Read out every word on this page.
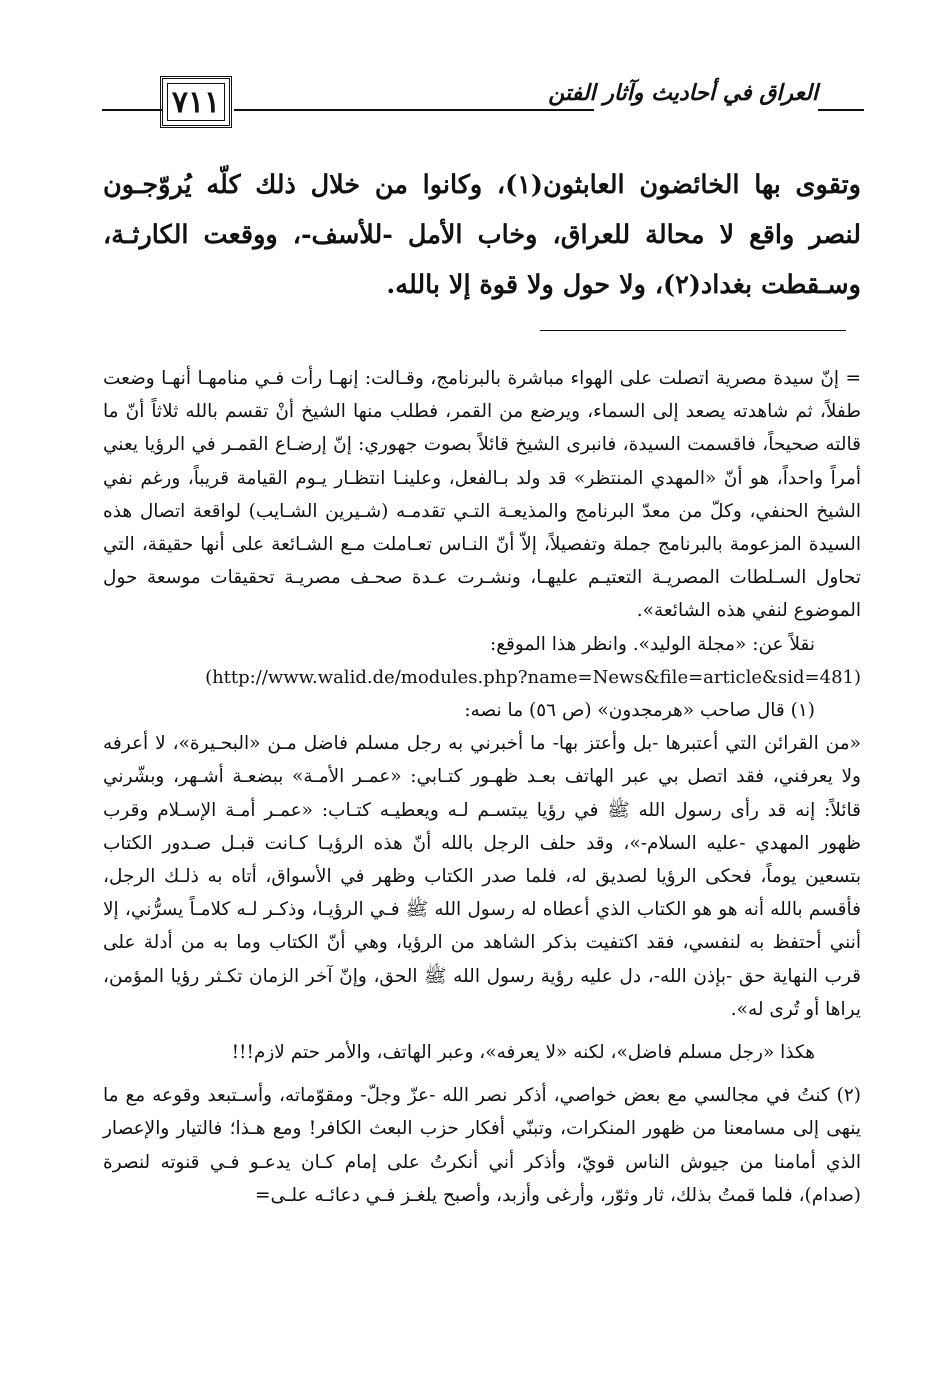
٧١١	العراق في أحاديث وآثار الفتن

وتقوى بها الخائضون العابثون(١)، وكانوا من خلال ذلك كلّه يُروّجـون لنصر واقع لا محالة للعراق، وخاب الأمل -للأسف-، ووقعت الكارثـة، وسـقطت بغداد(٢)، ولا حول ولا قوة إلا بالله.

= إنّ سيدة مصرية اتصلت على الهواء مباشرة بالبرنامج، وقـالت: إنهـا رأت فـي منامهـا أنهـا وضعت طفلاً، ثم شاهدته يصعد إلى السماء، ويرضع من القمر، فطلب منها الشيخ أنْ تقسم بالله ثلاثاً أنّ ما قالته صحيحاً، فاقسمت السيدة، فانبرى الشيخ قائلاً بصوت جهوري: إنّ إرضـاع القمـر في الرؤيا يعني أمراً واحداً، هو أنّ «المهدي المنتظر» قد ولد بـالفعل، وعلينـا انتظـار يـوم القيامة قريباً، ورغم نفي الشيخ الحنفي، وكلّ من معدّ البرنامج والمذيعـة التـي تقدمـه (شـيرين الشـايب) لواقعة اتصال هذه السيدة المزعومة بالبرنامج جملة وتفصيلاً، إلاّ أنّ النـاس تعـاملت مـع الشـائعة على أنها حقيقة، التي تحاول السـلطات المصريـة التعتيـم عليهـا، ونشـرت عـدة صحـف مصريـة تحقيقات موسعة حول الموضوع لنفي هذه الشائعة».

نقلاً عن: «مجلة الوليد». وانظر هذا الموقع:

(http://www.walid.de/modules.php?name=News&file=article&sid=481)

(١) قال صاحب «هرمجدون» (ص ٥٦) ما نصه:

«من القرائن التي أعتبرها -بل وأعتز بها- ما أخبرني به رجل مسلم فاضل مـن «البحـيرة»، لا أعرفه ولا يعرفني، فقد اتصل بي عبر الهاتف بعـد ظهـور كتـابي: «عمـر الأمـة» ببضعـة أشـهر، وبشّرني قائلاً: إنه قد رأى رسول الله ﷺ في رؤيا يبتسـم لـه ويعطيـه كتـاب: «عمـر أمـة الإسـلام وقرب ظهور المهدي -عليه السلام-»، وقد حلف الرجل بالله أنّ هذه الرؤيـا كـانت قبـل صـدور الكتاب بتسعين يوماً، فحكى الرؤيا لصديق له، فلما صدر الكتاب وظهر في الأسواق، أتاه به ذلـك الرجل، فأقسم بالله أنه هو هو الكتاب الذي أعطاه له رسول الله ﷺ فـي الرؤيـا، وذكـر لـه كلامـاً يسرُّني، إلا أنني أحتفظ به لنفسي، فقد اكتفيت بذكر الشاهد من الرؤيا، وهي أنّ الكتاب وما به من أدلة على قرب النهاية حق -بإذن الله-، دل عليه رؤية رسول الله ﷺ الحق، وإنّ آخر الزمان تكـثر رؤيا المؤمن، يراها أو تُرى له».

هكذا «رجل مسلم فاضل»، لكنه «لا يعرفه»، وعبر الهاتف، والأمر حتم لازم!!!

(٢) كنتُ في مجالسي مع بعض خواصي، أذكر نصر الله -عزّ وجلّ- ومقوّماته، وأسـتبعد وقوعه مع ما ينهى إلى مسامعنا من ظهور المنكرات، وتبنّي أفكار حزب البعث الكافر! ومع هـذا؛ فالتيار والإعصار الذي أمامنا من جيوش الناس قويّ، وأذكر أني أنكرتُ على إمام كـان يدعـو فـي قنوته لنصرة (صدام)، فلما قمتُ بذلك، ثار وثوّر، وأرغى وأزبد، وأصبح يلغـز فـي دعائـه علـى=
